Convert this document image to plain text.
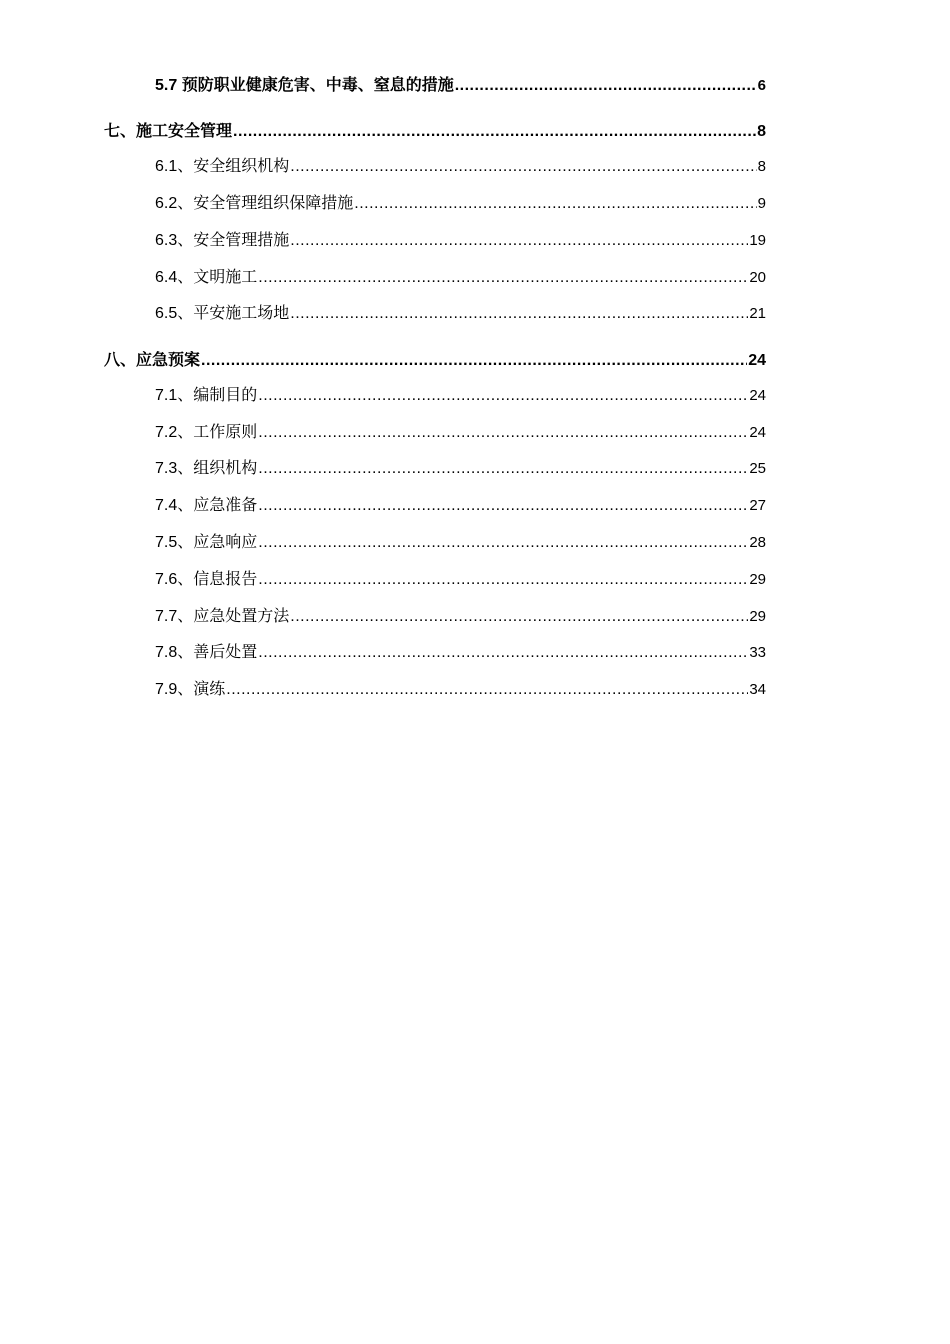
5.7 预防职业健康危害、中毒、窒息的措施 .....	6
七、施工安全管理 .....	8
6.1、安全组织机构 .....	8
6.2、安全管理组织保障措施 .....	9
6.3、安全管理措施 .....	19
6.4、文明施工 .....	20
6.5、平安施工场地 .....	21
八、应急预案 .....	24
7.1、编制目的 .....	24
7.2、工作原则 .....	24
7.3、组织机构 .....	25
7.4、应急准备 .....	27
7.5、应急响应 .....	28
7.6、信息报告 .....	29
7.7、应急处置方法 .....	29
7.8、善后处置 .....	33
7.9、演练 .....	34
